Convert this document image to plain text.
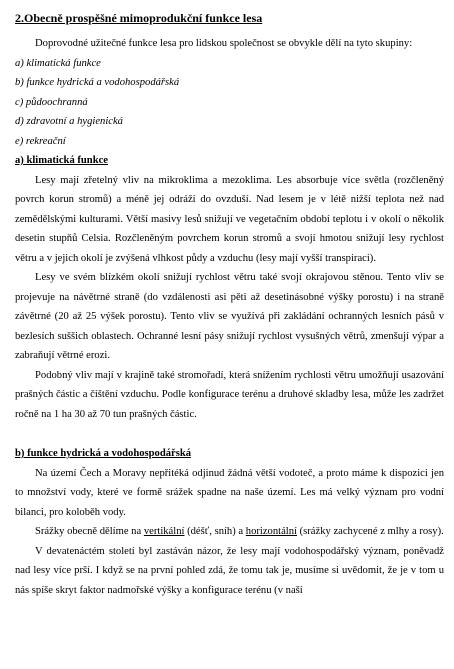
2.Obecně prospěšné mimoprodukční funkce lesa

Doprovodné užitečné funkce lesa pro lidskou společnost se obvykle dělí na tyto skupiny:

a) klimatická funkce
b) funkce hydrická a vodohospodářská
c) půdoochranná
d) zdravotní a hygienická
e) rekreační
a) klimatická funkce

Lesy mají zřetelný vliv na mikroklima a mezoklima. Les absorbuje více světla (rozčleněný povrch korun stromů) a méně jej odráží do ovzduší. Nad lesem je v létě nižší teplota než nad zemědělskými kulturami. Větší masivy lesů snižují ve vegetačním období teplotu i v okolí o několik desetin stupňů Celsia. Rozčleněným povrchem korun stromů a svojí hmotou snižují lesy rychlost větru a v jejich okolí je zvýšená vlhkost půdy a vzduchu (lesy mají vyšší transpiraci).

Lesy ve svém blízkém okolí snižují rychlost větru také svojí okrajovou stěnou. Tento vliv se projevuje na návětrné straně (do vzdálenosti asi pěti až desetinásobné výšky porostu) i na straně závětrné (20 až 25 výšek porostu). Tento vliv se využívá při zakládání ochranných lesních pásů v bezlesích suššich oblastech. Ochranné lesní pásy snižují rychlost vysušných větrů, zmenšují výpar a zabraňují větrné erozi.

Podobný vliv mají v krajině také stromořadí, která snížením rychlosti větru umožňují usazování prašných částic a čištění vzduchu. Podle konfigurace terénu a druhové skladby lesa, může les zadržet ročně na 1 ha 30 až 70 tun prašných částic.

b) funkce hydrická a vodohospodářská

Na území Čech a Moravy nepřitéká odjinud žádná větší vodoteč, a proto máme k dispozici jen to množství vody, které ve formě srážek spadne na naše území. Les má velký význam pro vodní bilanci, pro koloběh vody.

Srážky obecně dělíme na vertikální (déšť, sníh) a horizontální (srážky zachycené z mlhy a rosy).

V devatenáctém století byl zastáván názor, že lesy mají vodohospodářský význam, poněvadž nad lesy více prší. I když se na první pohled zdá, že tomu tak je, musíme si uvědomit, že je v tom u nás spíše skryt faktor nadmořské výšky a konfigurace terénu (v naší
